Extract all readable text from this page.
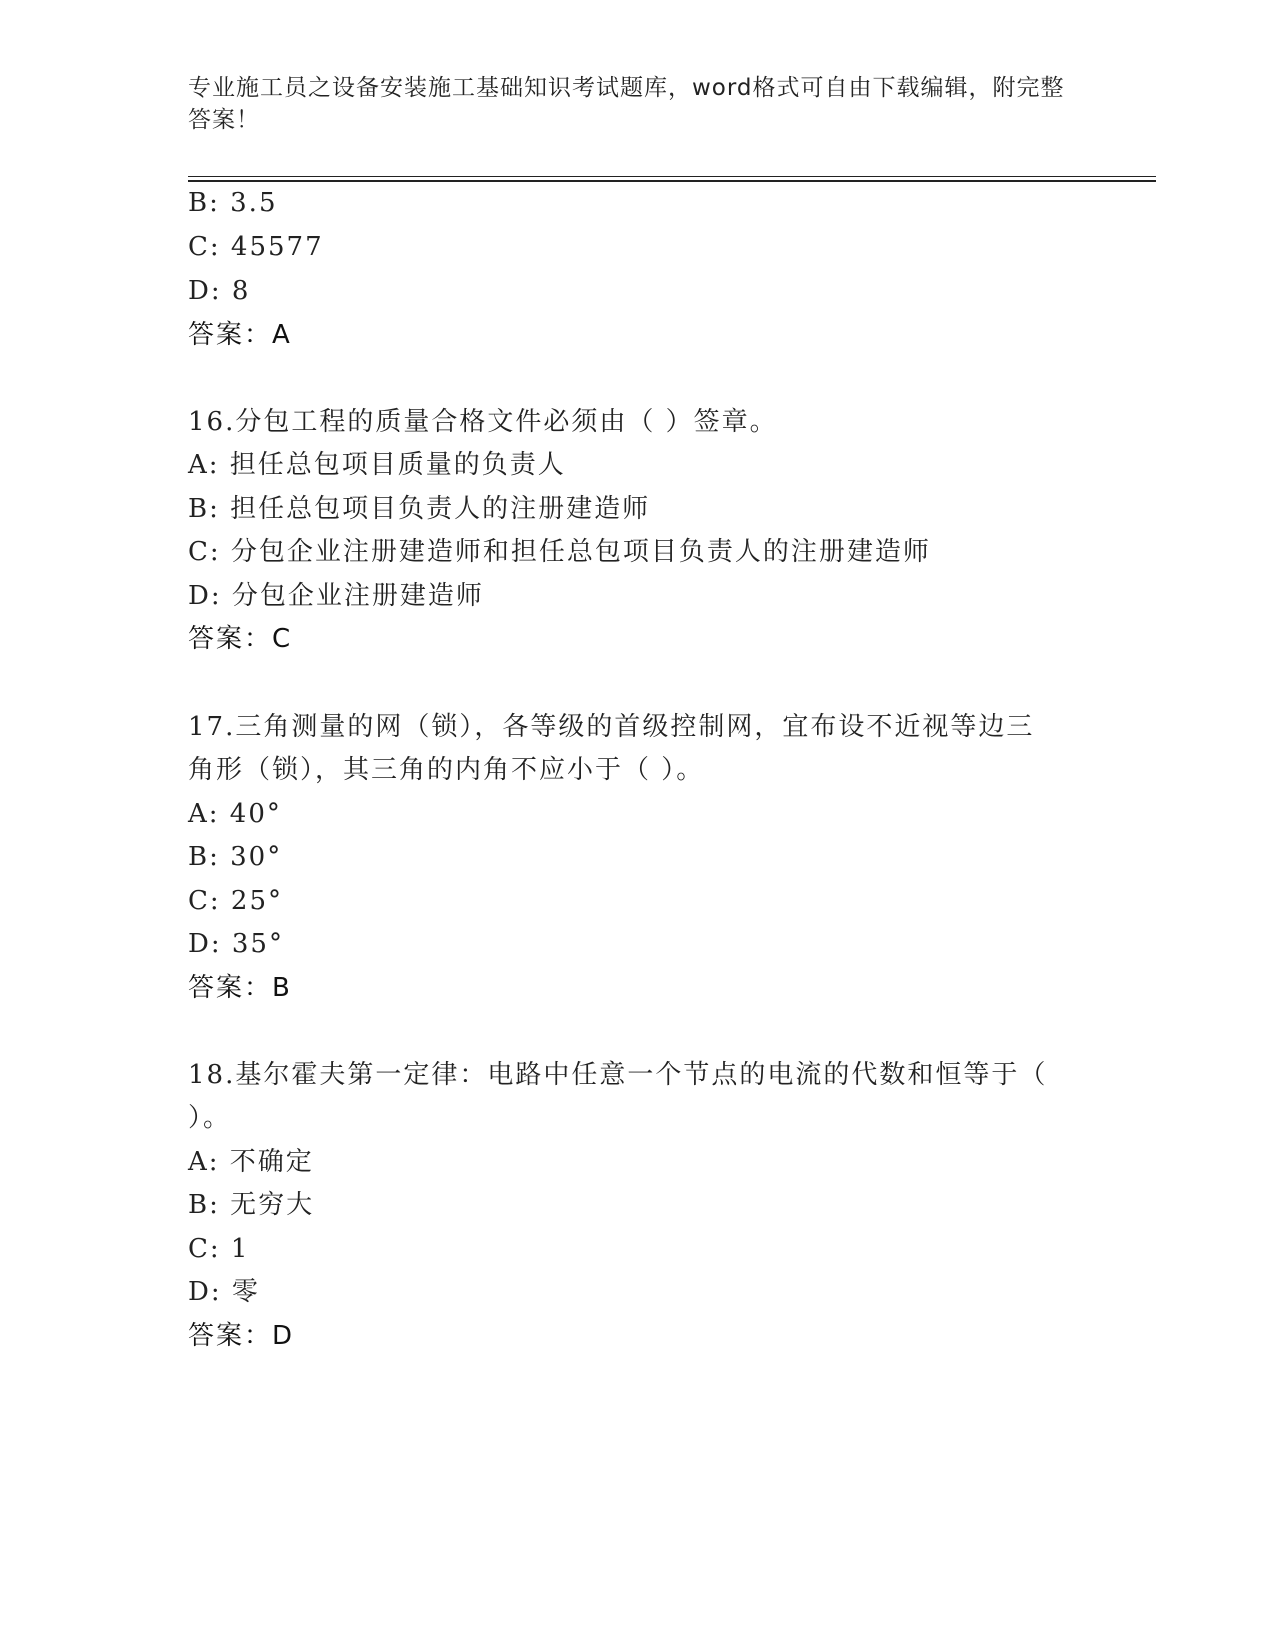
专业施工员之设备安装施工基础知识考试题库，word格式可自由下载编辑，附完整答案！
B: 3.5
C: 45577
D: 8
答案：A
16.分包工程的质量合格文件必须由（ ）签章。
A: 担任总包项目质量的负责人
B: 担任总包项目负责人的注册建造师
C: 分包企业注册建造师和担任总包项目负责人的注册建造师
D: 分包企业注册建造师
答案：C
17.三角测量的网（锁），各等级的首级控制网，宜布设不近视等边三
角形（锁），其三角的内角不应小于（ ）。
A: 40°
B: 30°
C: 25°
D: 35°
答案：B
18.基尔霍夫第一定律：电路中任意一个节点的电流的代数和恒等于（
）。
A: 不确定
B: 无穷大
C: 1
D: 零
答案：D
